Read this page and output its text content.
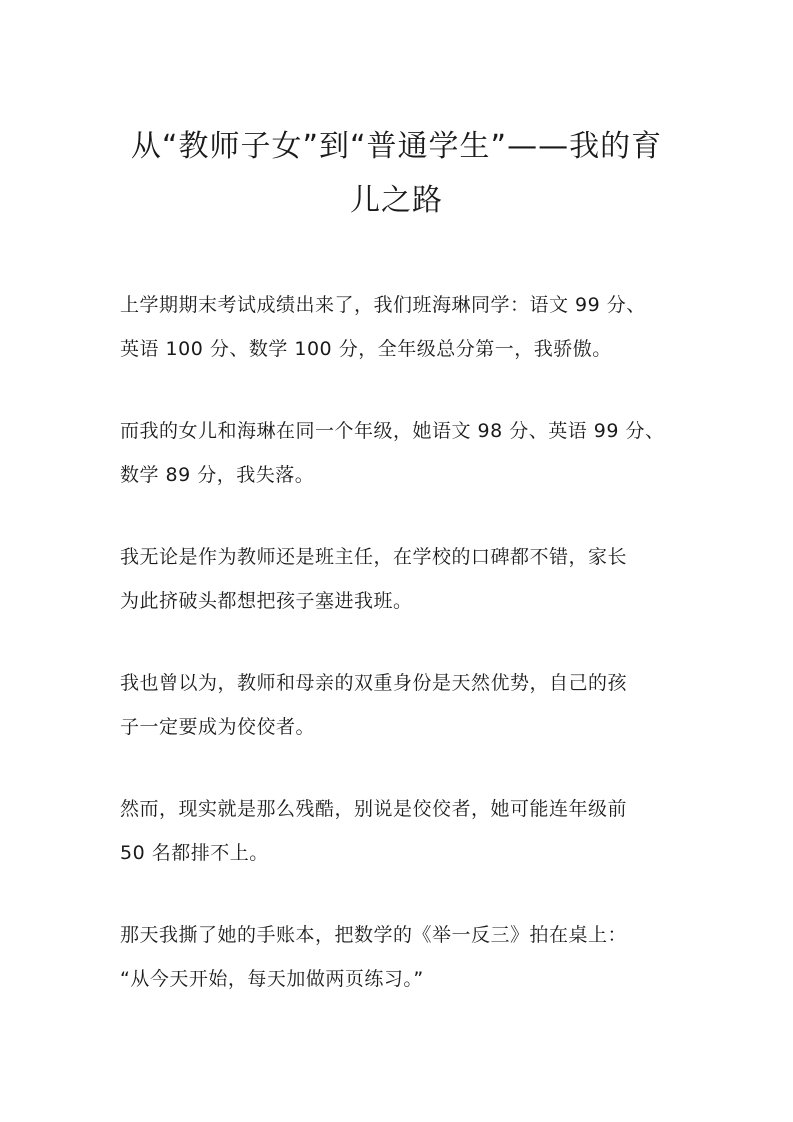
从“教师子女”到“普通学生”——我的育
儿之路
上学期期末考试成绩出来了，我们班海琳同学：语文 99 分、
英语 100 分、数学 100 分，全年级总分第一，我骄傲。
而我的女儿和海琳在同一个年级，她语文 98 分、英语 99 分、
数学 89 分，我失落。
我无论是作为教师还是班主任，在学校的口碑都不错，家长
为此挤破头都想把孩子塞进我班。
我也曾以为，教师和母亲的双重身份是天然优势，自己的孩
子一定要成为佼佼者。
然而，现实就是那么残酷，别说是佼佼者，她可能连年级前
50 名都排不上。
那天我撕了她的手账本，把数学的《举一反三》拍在桌上：
“从今天开始，每天加做两页练习。”
